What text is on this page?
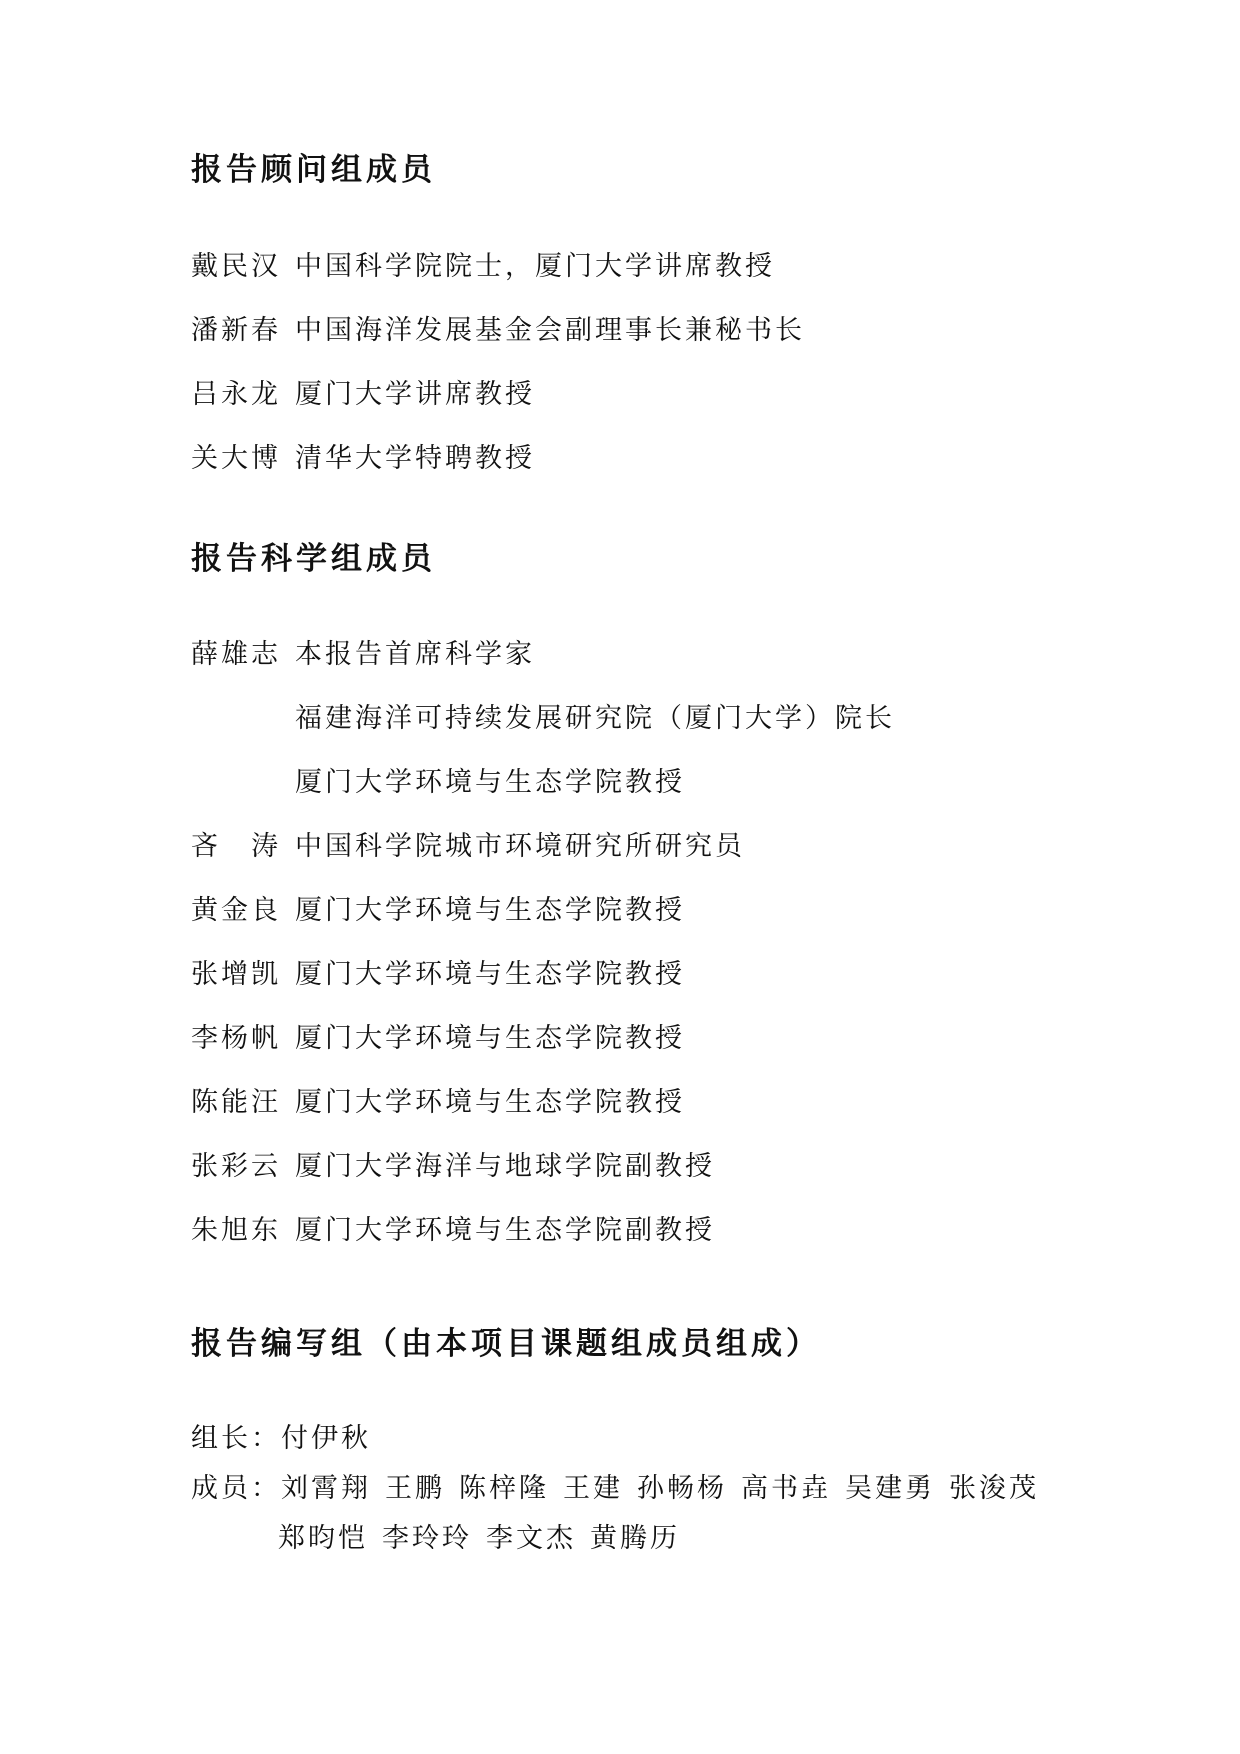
报告顾问组成员
戴民汉 中国科学院院士，厦门大学讲席教授
潘新春 中国海洋发展基金会副理事长兼秘书长
吕永龙 厦门大学讲席教授
关大博 清华大学特聘教授
报告科学组成员
薛雄志 本报告首席科学家
福建海洋可持续发展研究院（厦门大学）院长
厦门大学环境与生态学院教授
吝　涛 中国科学院城市环境研究所研究员
黄金良 厦门大学环境与生态学院教授
张增凯 厦门大学环境与生态学院教授
李杨帆 厦门大学环境与生态学院教授
陈能汪 厦门大学环境与生态学院教授
张彩云 厦门大学海洋与地球学院副教授
朱旭东 厦门大学环境与生态学院副教授
报告编写组（由本项目课题组成员组成）
组长：付伊秋
成员：刘霄翔 王鹏 陈梓隆 王建 孙畅杨 高书垚 吴建勇 张浚茂
郑昀恺 李玲玲 李文杰 黄腾历
